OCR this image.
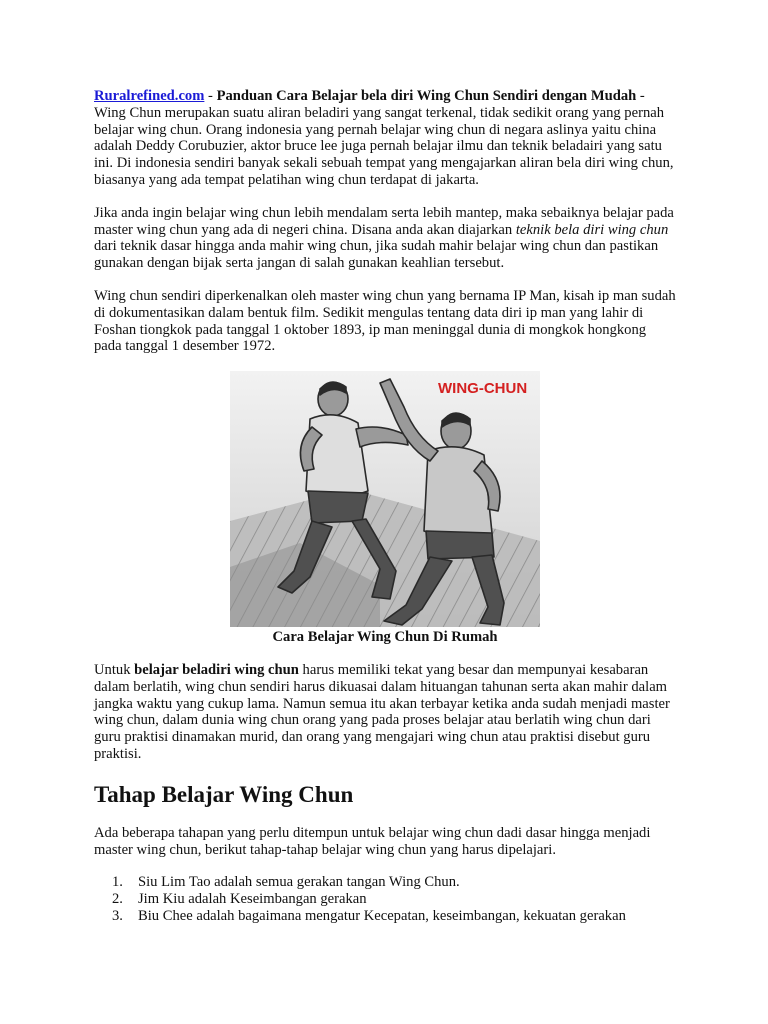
Ruralrefined.com - Panduan Cara Belajar bela diri Wing Chun Sendiri dengan Mudah - Wing Chun merupakan suatu aliran beladiri yang sangat terkenal, tidak sedikit orang yang pernah belajar wing chun. Orang indonesia yang pernah belajar wing chun di negara aslinya yaitu china adalah Deddy Corubuzier, aktor bruce lee juga pernah belajar ilmu dan teknik beladairi yang satu ini. Di indonesia sendiri banyak sekali sebuah tempat yang mengajarkan aliran bela diri wing chun, biasanya yang ada tempat pelatihan wing chun terdapat di jakarta.

Jika anda ingin belajar wing chun lebih mendalam serta lebih mantep, maka sebaiknya belajar pada master wing chun yang ada di negeri china. Disana anda akan diajarkan teknik bela diri wing chun dari teknik dasar hingga anda mahir wing chun, jika sudah mahir belajar wing chun dan pastikan gunakan dengan bijak serta jangan di salah gunakan keahlian tersebut.

Wing chun sendiri diperkenalkan oleh master wing chun yang bernama IP Man, kisah ip man sudah di dokumentasikan dalam bentuk film. Sedikit mengulas tentang data diri ip man yang lahir di Foshan tiongkok pada tanggal 1 oktober 1893, ip man meninggal dunia di mongkok hongkong pada tanggal 1 desember 1972.

WING-CHUN
Cara Belajar Wing Chun Di Rumah

Untuk belajar beladiri wing chun harus memiliki tekat yang besar dan mempunyai kesabaran dalam berlatih, wing chun sendiri harus dikuasai dalam hituangan tahunan serta akan mahir dalam jangka waktu yang cukup lama. Namun semua itu akan terbayar ketika anda sudah menjadi master wing chun, dalam dunia wing chun orang yang pada proses belajar atau berlatih wing chun dari guru praktisi dinamakan murid, dan orang yang mengajari wing chun atau praktisi disebut guru praktisi.

Tahap Belajar Wing Chun

Ada beberapa tahapan yang perlu ditempun untuk belajar wing chun dadi dasar hingga menjadi master wing chun, berikut tahap-tahap belajar wing chun yang harus dipelajari.

1. Siu Lim Tao adalah semua gerakan tangan Wing Chun.
2. Jim Kiu adalah Keseimbangan gerakan
3. Biu Chee adalah bagaimana mengatur Kecepatan, keseimbangan, kekuatan gerakan
